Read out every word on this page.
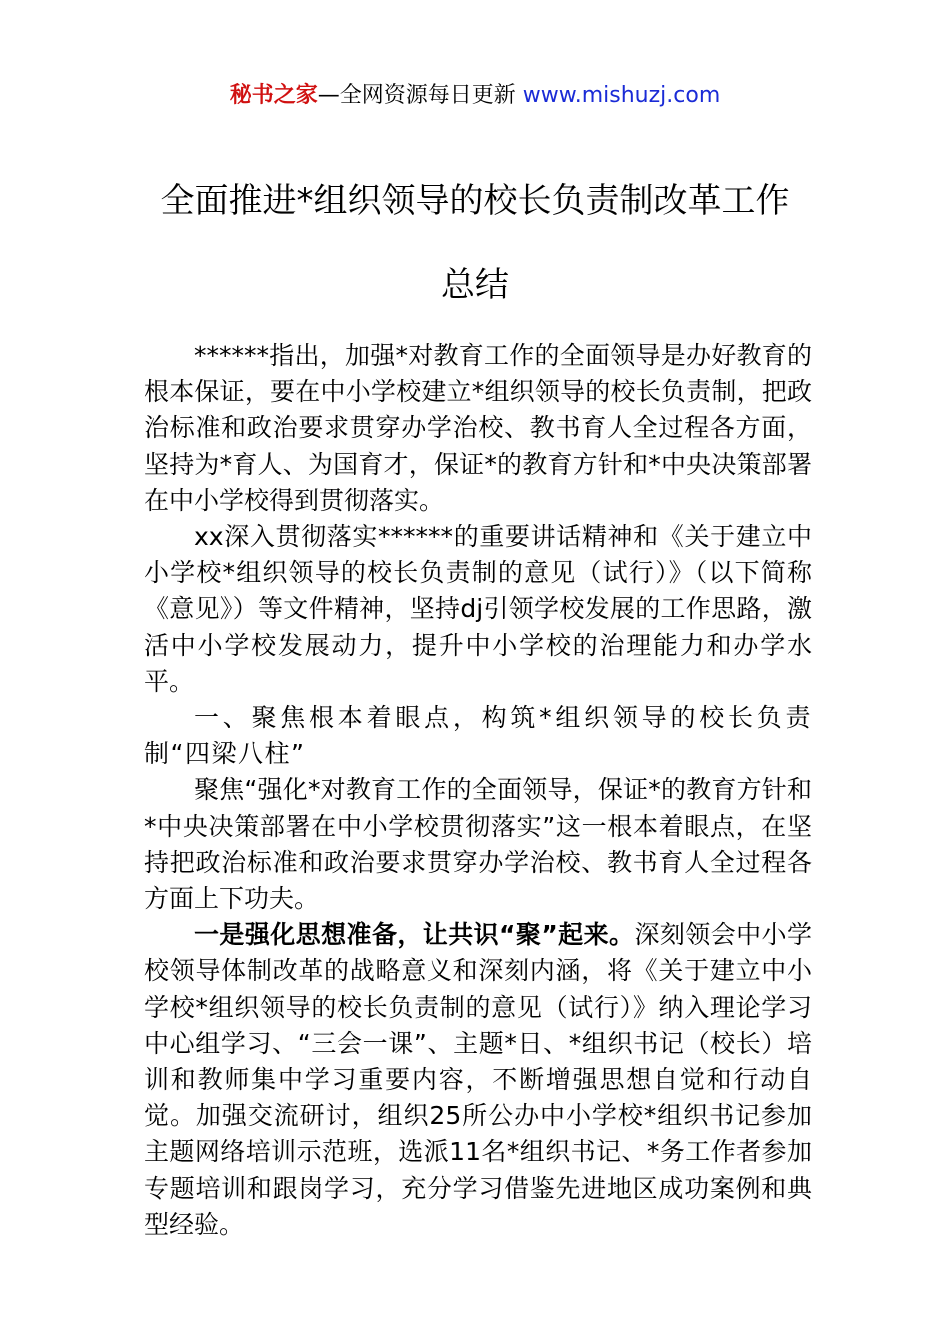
秘书之家—全网资源每日更新 www.mishuzj.com
全面推进*组织领导的校长负责制改革工作
总结

******指出，加强*对教育工作的全面领导是办好教育的根本保证，要在中小学校建立*组织领导的校长负责制，把政治标准和政治要求贯穿办学治校、教书育人全过程各方面，坚持为*育人、为国育才，保证*的教育方针和*中央决策部署在中小学校得到贯彻落实。

xx深入贯彻落实******的重要讲话精神和《关于建立中小学校*组织领导的校长负责制的意见（试行）》（以下简称《意见》）等文件精神，坚持dj引领学校发展的工作思路，激活中小学校发展动力，提升中小学校的治理能力和办学水平。

一、聚焦根本着眼点，构筑*组织领导的校长负责制“四梁八柱”

聚焦“强化*对教育工作的全面领导，保证*的教育方针和*中央决策部署在中小学校贯彻落实”这一根本着眼点，在坚持把政治标准和政治要求贯穿办学治校、教书育人全过程各方面上下功夫。

一是强化思想准备，让共识“聚”起来。深刻领会中小学校领导体制改革的战略意义和深刻内涵，将《关于建立中小学校*组织领导的校长负责制的意见（试行）》纳入理论学习中心组学习、“三会一课”、主题*日、*组织书记（校长）培训和教师集中学习重要内容，不断增强思想自觉和行动自觉。加强交流研讨，组织25所公办中小学校*组织书记参加主题网络培训示范班，选派11名*组织书记、*务工作者参加专题培训和跟岗学习，充分学习借鉴先进地区成功案例和典型经验。
